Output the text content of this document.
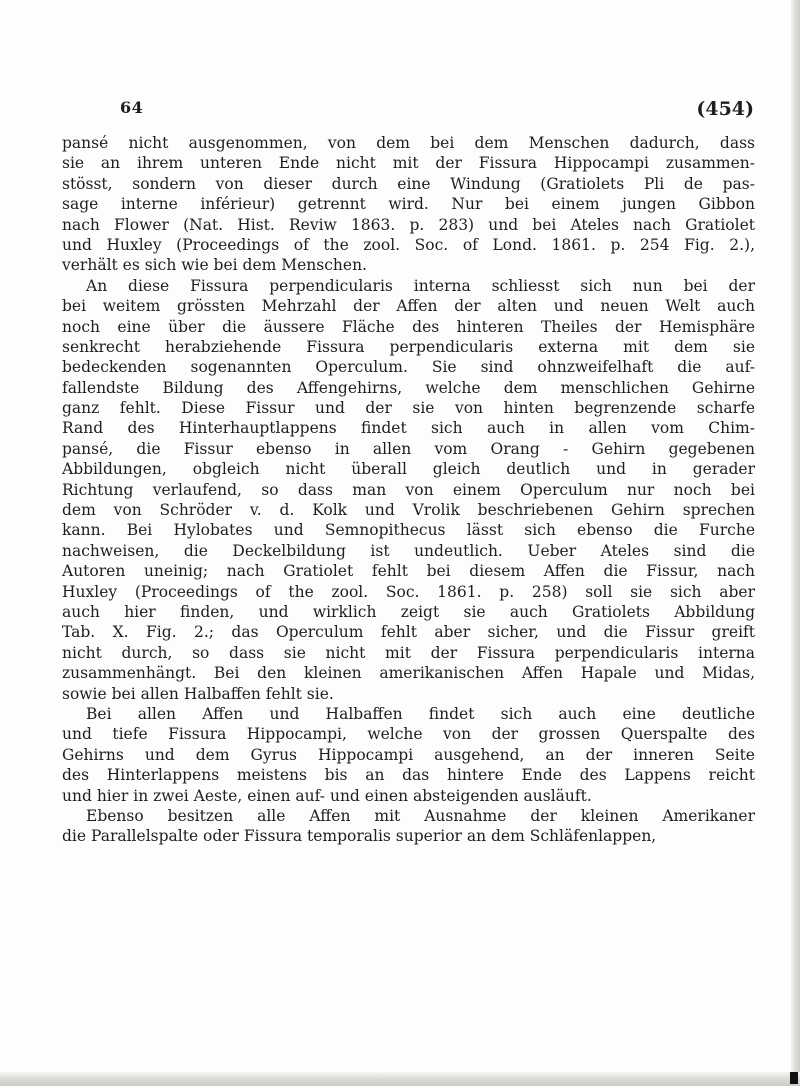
64	(454)
pansé nicht ausgenommen, von dem bei dem Menschen dadurch, dass
sie an ihrem unteren Ende nicht mit der Fissura Hippocampi zusammen-
stösst, sondern von dieser durch eine Windung (Gratiolets Pli de pas-
sage interne inférieur) getrennt wird. Nur bei einem jungen Gibbon
nach Flower (Nat. Hist. Reviw 1863. p. 283) und bei Ateles nach Gratiolet
und Huxley (Proceedings of the zool. Soc. of Lond. 1861. p. 254 Fig. 2.),
verhält es sich wie bei dem Menschen.
An diese Fissura perpendicularis interna schliesst sich nun bei der
bei weitem grössten Mehrzahl der Affen der alten und neuen Welt auch
noch eine über die äussere Fläche des hinteren Theiles der Hemisphäre
senkrecht herabziehende Fissura perpendicularis externa mit dem sie
bedeckenden sogenannten Operculum. Sie sind ohnzweifelhaft die auf-
fallendste Bildung des Affengehirns, welche dem menschlichen Gehirne
ganz fehlt. Diese Fissur und der sie von hinten begrenzende scharfe
Rand des Hinterhauptlappens findet sich auch in allen vom Chim-
pansé, die Fissur ebenso in allen vom Orang - Gehirn gegebenen
Abbildungen, obgleich nicht überall gleich deutlich und in gerader
Richtung verlaufend, so dass man von einem Operculum nur noch bei
dem von Schröder v. d. Kolk und Vrolik beschriebenen Gehirn sprechen
kann. Bei Hylobates und Semnopithecus lässt sich ebenso die Furche
nachweisen, die Deckelbildung ist undeutlich. Ueber Ateles sind die
Autoren uneinig; nach Gratiolet fehlt bei diesem Affen die Fissur, nach
Huxley (Proceedings of the zool. Soc. 1861. p. 258) soll sie sich aber
auch hier finden, und wirklich zeigt sie auch Gratiolets Abbildung
Tab. X. Fig. 2.; das Operculum fehlt aber sicher, und die Fissur greift
nicht durch, so dass sie nicht mit der Fissura perpendicularis interna
zusammenhängt. Bei den kleinen amerikanischen Affen Hapale und Midas,
sowie bei allen Halbaffen fehlt sie.
Bei allen Affen und Halbaffen findet sich auch eine deutliche
und tiefe Fissura Hippocampi, welche von der grossen Querspalte des
Gehirns und dem Gyrus Hippocampi ausgehend, an der inneren Seite
des Hinterlappens meistens bis an das hintere Ende des Lappens reicht
und hier in zwei Aeste, einen auf- und einen absteigenden ausläuft.
Ebenso besitzen alle Affen mit Ausnahme der kleinen Amerikaner
die Parallelspalte oder Fissura temporalis superior an dem Schläfenlappen,
